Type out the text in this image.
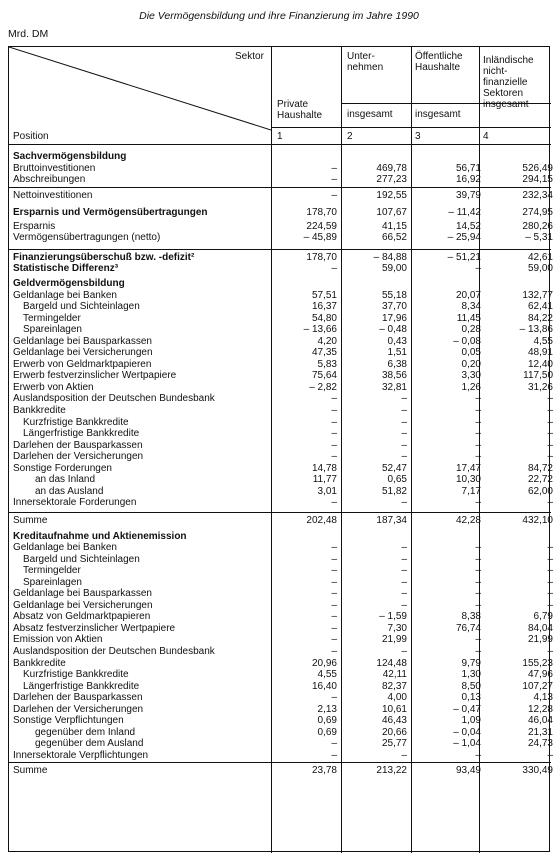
Die Vermögensbildung und ihre Finanzierung im Jahre 1990
Mrd. DM
Sektor
Position
Private
Haushalte
Unter-
nehmen
insgesamt
Öffentliche
Haushalte
insgesamt
Inländische
nicht-
finanzielle
Sektoren
insgesamt
1	2	3	4
Sachvermögensbildung
Bruttoinvestitionen	–	469,78	56,71	526,49
Abschreibungen	–	277,23	16,92	294,15
Nettoinvestitionen	–	192,55	39,79	232,34
Ersparnis und Vermögensübertragungen	178,70	107,67	– 11,42	274,95
Ersparnis	224,59	41,15	14,52	280,26
Vermögensübertragungen (netto)	– 45,89	66,52	– 25,94	– 5,31
Finanzierungsüberschuß bzw. -defizit²	178,70	– 84,88	– 51,21	42,61
Statistische Differenz³	–	59,00	–	59,00
Geldvermögensbildung
Geldanlage bei Banken	57,51	55,18	20,07	132,77
Bargeld und Sichteinlagen	16,37	37,70	8,34	62,41
Termingelder	54,80	17,96	11,45	84,22
Spareinlagen	– 13,66	– 0,48	0,28	– 13,86
Geldanlage bei Bausparkassen	4,20	0,43	– 0,08	4,55
Geldanlage bei Versicherungen	47,35	1,51	0,05	48,91
Erwerb von Geldmarktpapieren	5,83	6,38	0,20	12,40
Erwerb festverzinslicher Wertpapiere	75,64	38,56	3,30	117,50
Erwerb von Aktien	– 2,82	32,81	1,26	31,26
Auslandsposition der Deutschen Bundesbank	–	–	–	–
Bankkredite	–	–	–	–
Kurzfristige Bankkredite	–	–	–	–
Längerfristige Bankkredite	–	–	–	–
Darlehen der Bausparkassen	–	–	–	–
Darlehen der Versicherungen	–	–	–	–
Sonstige Forderungen	14,78	52,47	17,47	84,72
an das Inland	11,77	0,65	10,30	22,72
an das Ausland	3,01	51,82	7,17	62,00
Innersektorale Forderungen	–	–	–	–
Summe	202,48	187,34	42,28	432,10
Kreditaufnahme und Aktienemission
Geldanlage bei Banken	–	–	–	–
Bargeld und Sichteinlagen	–	–	–	–
Termingelder	–	–	–	–
Spareinlagen	–	–	–	–
Geldanlage bei Bausparkassen	–	–	–	–
Geldanlage bei Versicherungen	–	–	–	–
Absatz von Geldmarktpapieren	–	– 1,59	8,38	6,79
Absatz festverzinslicher Wertpapiere	–	7,30	76,74	84,04
Emission von Aktien	–	21,99	–	21,99
Auslandsposition der Deutschen Bundesbank	–	–	–	–
Bankkredite	20,96	124,48	9,79	155,23
Kurzfristige Bankkredite	4,55	42,11	1,30	47,96
Längerfristige Bankkredite	16,40	82,37	8,50	107,27
Darlehen der Bausparkassen	–	4,00	0,13	4,13
Darlehen der Versicherungen	2,13	10,61	– 0,47	12,28
Sonstige Verpflichtungen	0,69	46,43	1,09	46,04
gegenüber dem Inland	0,69	20,66	– 0,04	21,31
gegenüber dem Ausland	–	25,77	– 1,04	24,73
Innersektorale Verpflichtungen	–	–	–	–
Summe	23,78	213,22	93,49	330,49
